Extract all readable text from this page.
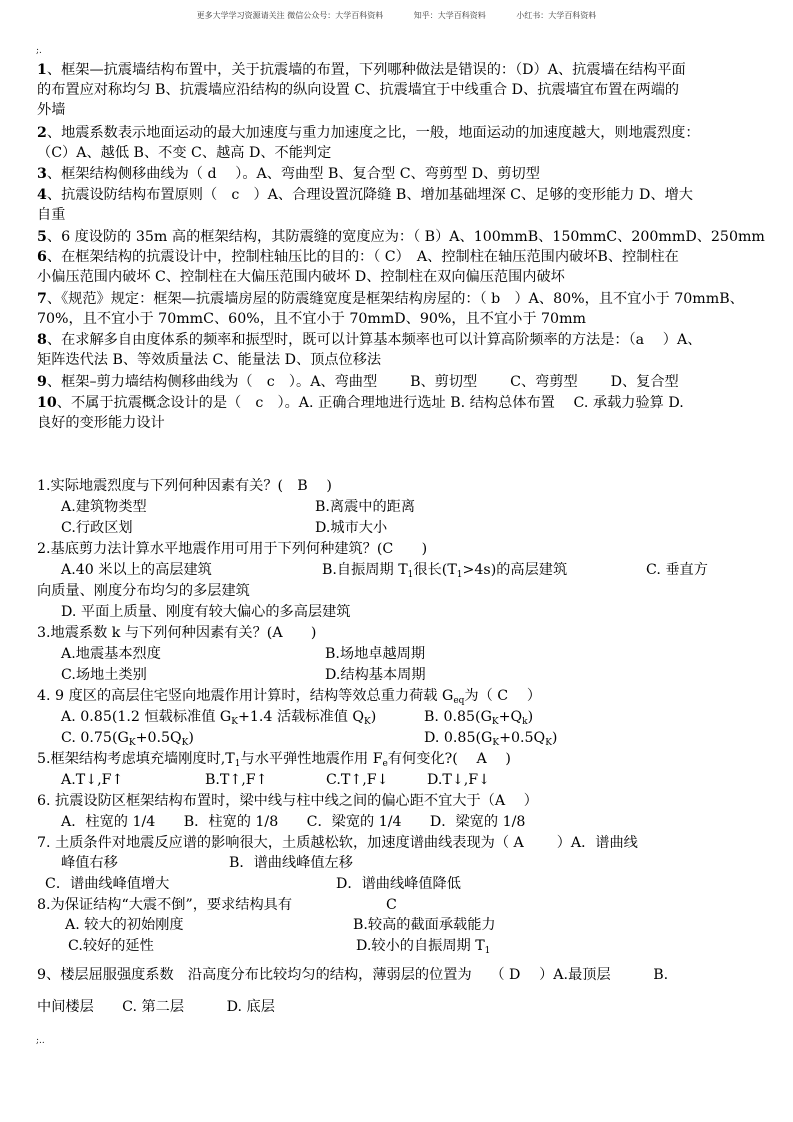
更多大学学习资源请关注 微信公众号：大学百科资料	知乎：大学百科资料	小红书：大学百科资料
;.
1、框架—抗震墙结构布置中，关于抗震墙的布置，下列哪种做法是错误的：（D）A、抗震墙在结构平面
的布置应对称均匀 B、抗震墙应沿结构的纵向设置 C、抗震墙宜于中线重合 D、抗震墙宜布置在两端的
外墙
2、地震系数表示地面运动的最大加速度与重力加速度之比，一般，地面运动的加速度越大，则地震烈度：
（C）A、越低 B、不变 C、越高 D、不能判定
3、框架结构侧移曲线为（ d　 ）。A、弯曲型 B、复合型 C、弯剪型 D、剪切型
4、抗震设防结构布置原则（　c　）A、合理设置沉降缝 B、增加基础埋深 C、足够的变形能力 D、增大
自重
5、6 度设防的 35m 高的框架结构，其防震缝的宽度应为：（ B）A、100mmB、150mmC、200mmD、250mm
6、在框架结构的抗震设计中，控制柱轴压比的目的：（ C）　A、控制柱在轴压范围内破坏B、控制柱在
小偏压范围内破坏 C、控制柱在大偏压范围内破坏 D、控制柱在双向偏压范围内破坏
7、《规范》规定：框架—抗震墙房屋的防震缝宽度是框架结构房屋的：（ b　）A、80%，且不宜小于 70mmB、
70%，且不宜小于 70mmC、60%，且不宜小于 70mmD、90%，且不宜小于 70mm
8、在求解多自由度体系的频率和振型时，既可以计算基本频率也可以计算高阶频率的方法是：（a　 ）A、
矩阵迭代法 B、等效质量法 C、能量法 D、顶点位移法
9、框架–剪力墙结构侧移曲线为（　c　）。A、弯曲型　　 B、剪切型　　 C、弯剪型　　 D、复合型
10、不属于抗震概念设计的是（　c　）。A. 正确合理地进行选址 B. 结构总体布置　 C. 承载力验算 D.
良好的变形能力设计
1.实际地震烈度与下列何种因素有关？(　B　 )
A.建筑物类型	B.离震中的距离
C.行政区划	D.城市大小
2.基底剪力法计算水平地震作用可用于下列何种建筑？(C　　)
A.40 米以上的高层建筑	B.自振周期 $T_1$很长$(T_1>4s)$的高层建筑	C. 垂直方
向质量、刚度分布均匀的多层建筑
D. 平面上质量、刚度有较大偏心的多高层建筑
3.地震系数 k 与下列何种因素有关？(A　　)
A.地震基本烈度	B.场地卓越周期
C.场地土类别	D.结构基本周期
4. 9 度区的高层住宅竖向地震作用计算时，结构等效总重力荷载 $G_{eq}$为（ C　 ）
A. 0.85(1.2 恒载标准值 $G_K+1.4$ 活载标准值 $Q_K$)	B. $0.85(G_K+Q_k)$
C. $0.75(G_K+0.5Q_K)$	D. $0.85(G_K+0.5Q_K)$
5.框架结构考虑填充墙刚度时$,T_1$与水平弹性地震作用 $F_e$有何变化?(　 A　 )
A.T↓,F↑	B.T↑,F↑	C.T↑,F↓	D.T↓,F↓
6. 抗震设防区框架结构布置时，梁中线与柱中线之间的偏心距不宜大于（A　 ）
A．柱宽的 1/4　　B．柱宽的 1/8　　C．梁宽的 1/4　　D．梁宽的 1/8
7. 土质条件对地震反应谱的影响很大，土质越松软，加速度谱曲线表现为（ A　　 ）A．谱曲线
峰值右移	B．谱曲线峰值左移
C．谱曲线峰值增大	D．谱曲线峰值降低
8.为保证结构“大震不倒”，要求结构具有	C
A. 较大的初始刚度	B.较高的截面承载能力
C.较好的延性	D.较小的自振周期 $T_1$
9、楼层屈服强度系数　沿高度分布比较均匀的结构，薄弱层的位置为　 （ D　 ）A.最顶层　　　B.
中间楼层　　C. 第二层　　　D. 底层
;..
